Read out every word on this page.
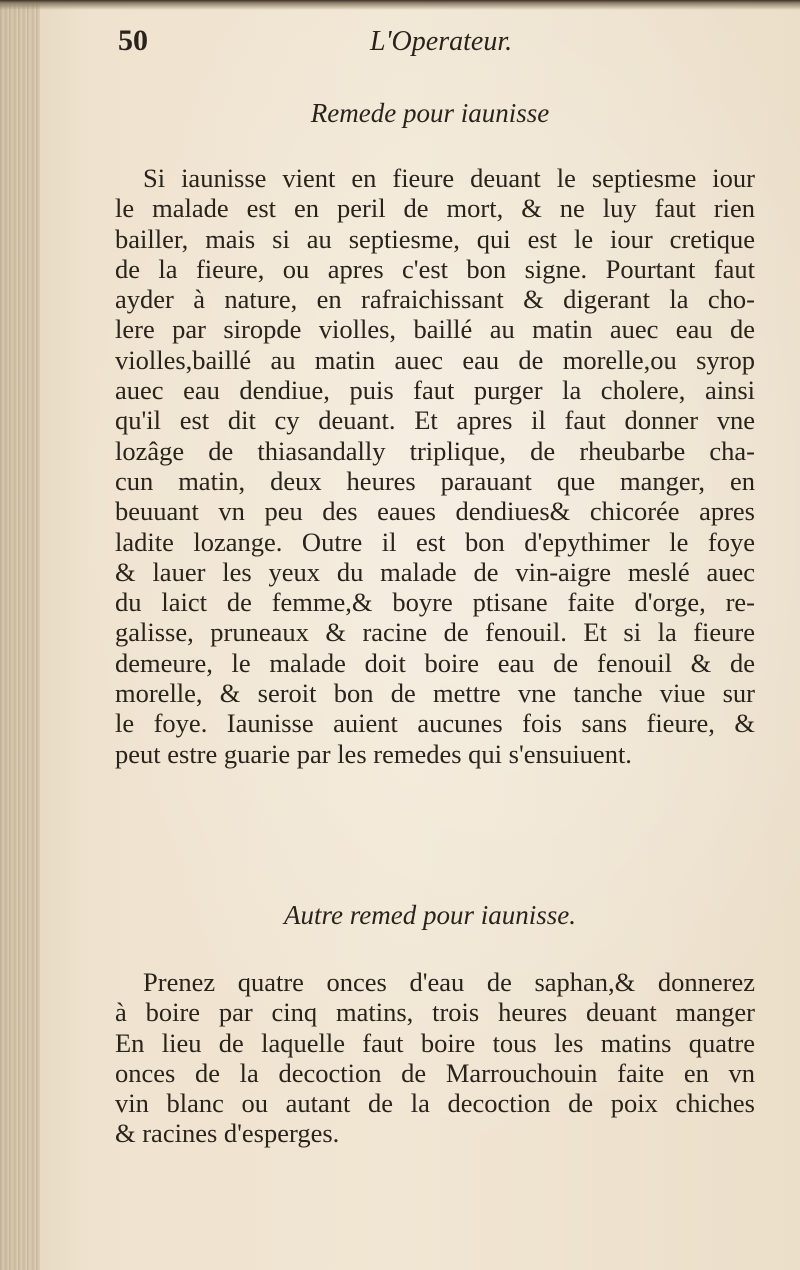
50	L'Operateur.
Remede pour iaunisse
Si iaunisse vient en fieure deuant le septiesme iour
le malade est en peril de mort, & ne luy faut rien
bailler, mais si au septiesme, qui est le iour cretique
de la fieure, ou apres c'est bon signe. Pourtant faut
ayder à nature, en rafraichissant & digerant la cho-
lere par siropde violles, baillé au matin auec eau de
violles,baillé au matin auec eau de morelle,ou syrop
auec eau dendiue, puis faut purger la cholere, ainsi
qu'il est dit cy deuant. Et apres il faut donner vne
lozâge de thiasandally triplique, de rheubarbe cha-
cun matin, deux heures parauant que manger, en
beuuant vn peu des eaues dendiues& chicorée apres
ladite lozange. Outre il est bon d'epythimer le foye
& lauer les yeux du malade de vin-aigre meslé auec
du laict de femme,& boyre ptisane faite d'orge, re-
galisse, pruneaux & racine de fenouil. Et si la fieure
demeure, le malade doit boire eau de fenouil & de
morelle, & seroit bon de mettre vne tanche viue sur
le foye. Iaunisse auient aucunes fois sans fieure, &
peut estre guarie par les remedes qui s'ensuiuent.
Autre remed pour iaunisse.
Prenez quatre onces d'eau de saphan,& donnerez
à boire par cinq matins, trois heures deuant manger
En lieu de laquelle faut boire tous les matins quatre
onces de la decoction de Marrouchouin faite en vn
vin blanc ou autant de la decoction de poix chiches
& racines d'esperges.
